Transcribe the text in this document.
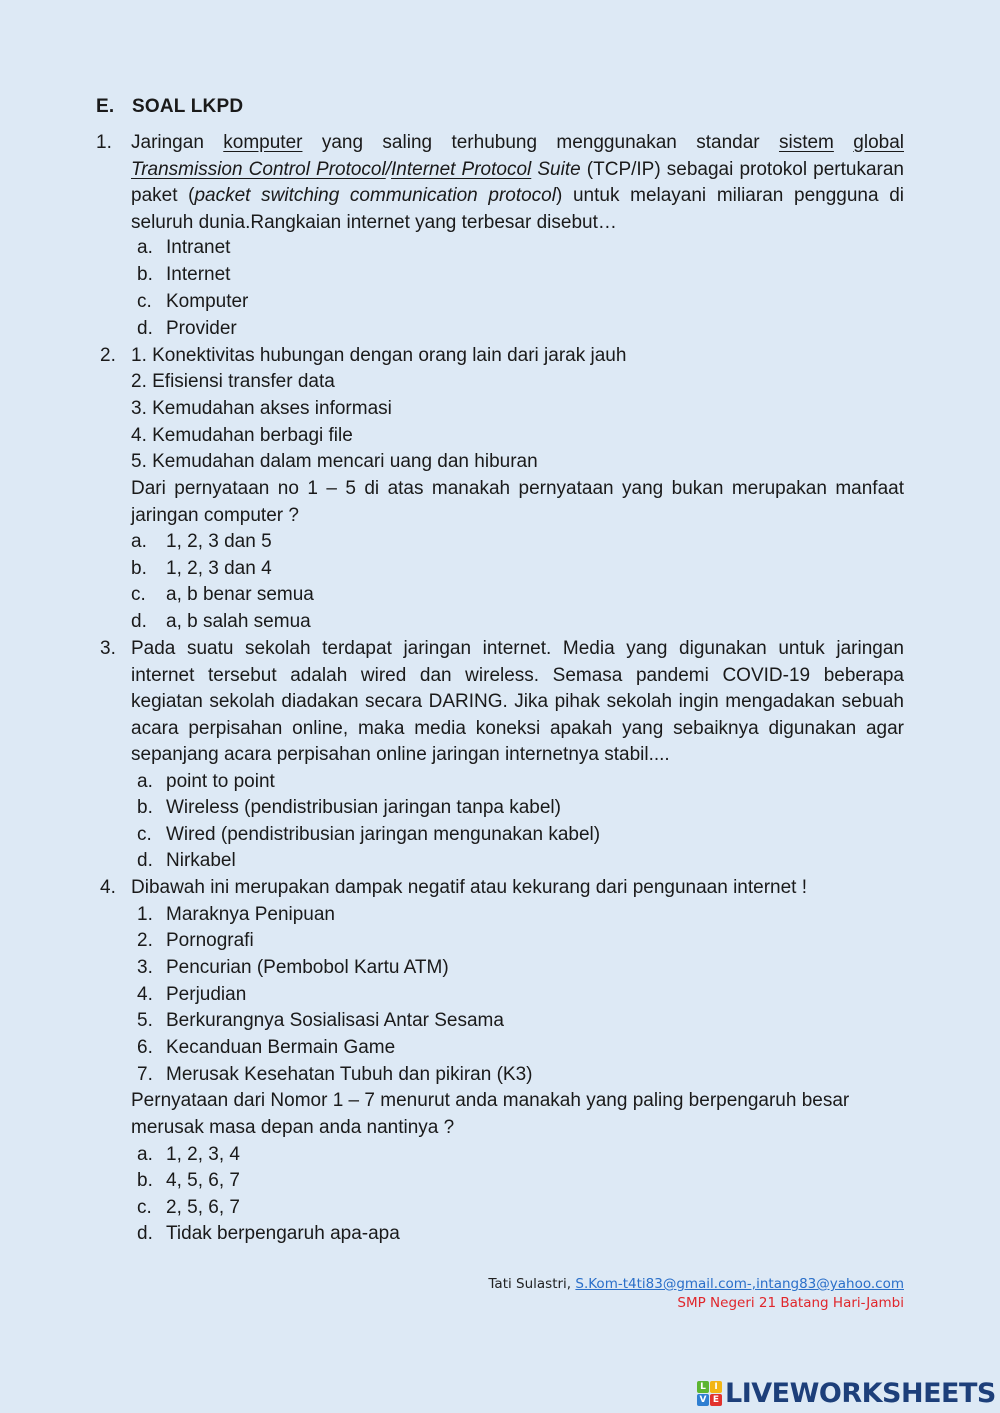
E. SOAL LKPD
1. Jaringan komputer yang saling terhubung menggunakan standar sistem global Transmission Control Protocol/Internet Protocol Suite (TCP/IP) sebagai protokol pertukaran paket (packet switching communication protocol) untuk melayani miliaran pengguna di seluruh dunia.Rangkaian internet yang terbesar disebut…
a. Intranet
b. Internet
c. Komputer
d. Provider
2. 1. Konektivitas hubungan dengan orang lain dari jarak jauh
2. Efisiensi transfer data
3. Kemudahan akses informasi
4. Kemudahan berbagi file
5. Kemudahan dalam mencari uang dan hiburan
Dari pernyataan no 1 – 5 di atas manakah pernyataan yang bukan merupakan manfaat jaringan computer ?
a. 1, 2, 3 dan 5
b. 1, 2, 3 dan 4
c. a, b benar semua
d. a, b salah semua
3. Pada suatu sekolah terdapat jaringan internet. Media yang digunakan untuk jaringan internet tersebut adalah wired dan wireless. Semasa pandemi COVID-19 beberapa kegiatan sekolah diadakan secara DARING. Jika pihak sekolah ingin mengadakan sebuah acara perpisahan online, maka media koneksi apakah yang sebaiknya digunakan agar sepanjang acara perpisahan online jaringan internetnya stabil....
a. point to point
b. Wireless (pendistribusian jaringan tanpa kabel)
c. Wired (pendistribusian jaringan mengunakan kabel)
d. Nirkabel
4. Dibawah ini merupakan dampak negatif atau kekurang dari pengunaan internet !
1. Maraknya Penipuan
2. Pornografi
3. Pencurian (Pembobol Kartu ATM)
4. Perjudian
5. Berkurangnya Sosialisasi Antar Sesama
6. Kecanduan Bermain Game
7. Merusak Kesehatan Tubuh dan pikiran (K3)
Pernyataan dari Nomor 1 – 7 menurut anda manakah yang paling berpengaruh besar merusak masa depan anda nantinya ?
a. 1, 2, 3, 4
b. 4, 5, 6, 7
c. 2, 5, 6, 7
d. Tidak berpengaruh apa-apa
Tati Sulastri, S.Kom-t4ti83@gmail.com-,intang83@yahoo.com
SMP Negeri 21 Batang Hari-Jambi
L I
V E LIVEWORKSHEETS
